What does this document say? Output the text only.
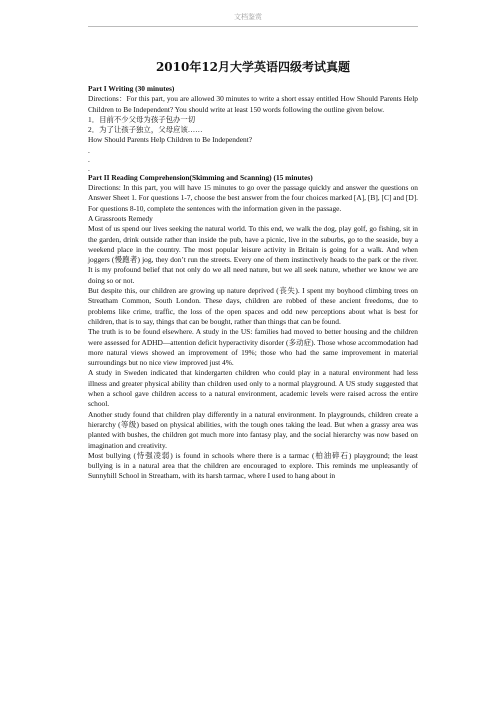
文档鉴赏
2010年12月大学英语四级考试真题

Part I Writing (30 minutes)

Directions：For this part, you are allowed 30 minutes to write a short essay entitled How Should Parents Help Children to Be Independent? You should write at least 150 words following the outline given below.

1．目前不少父母为孩子包办一切

2．为了让孩子独立，父母应该……

How Should Parents Help Children to Be Independent?

.

.

.

Part II Reading Comprehension(Skimming and Scanning) (15 minutes)

Directions: In this part, you will have 15 minutes to go over the passage quickly and answer the questions on Answer Sheet 1. For questions 1-7, choose the best answer from the four choices marked [A], [B], [C] and [D]. For questions 8-10, complete the sentences with the information given in the passage.

A Grassroots Remedy

Most of us spend our lives seeking the natural world. To this end, we walk the dog, play golf, go fishing, sit in the garden, drink outside rather than inside the pub, have a picnic, live in the suburbs, go to the seaside, buy a weekend place in the country. The most popular leisure activity in Britain is going for a walk. And when joggers (慢跑者) jog, they don’t run the streets. Every one of them instinctively heads to the park or the river. It is my profound belief that not only do we all need nature, but we all seek nature, whether we know we are doing so or not.

But despite this, our children are growing up nature deprived (丧失). I spent my boyhood climbing trees on Streatham Common, South London. These days, children are robbed of these ancient freedoms, due to problems like crime, traffic, the loss of the open spaces and odd new perceptions about what is best for children, that is to say, things that can be bought, rather than things that can be found.

The truth is to be found elsewhere. A study in the US: families had moved to better housing and the children were assessed for ADHD—attention deficit hyperactivity disorder (多动症). Those whose accommodation had more natural views showed an improvement of 19%; those who had the same improvement in material surroundings but no nice view improved just 4%.

A study in Sweden indicated that kindergarten children who could play in a natural environment had less illness and greater physical ability than children used only to a normal playground. A US study suggested that when a school gave children access to a natural environment, academic levels were raised across the entire school.

Another study found that children play differently in a natural environment. In playgrounds, children create a hierarchy (等级) based on physical abilities, with the tough ones taking the lead. But when a grassy area was planted with bushes, the children got much more into fantasy play, and the social hierarchy was now based on imagination and creativity.

Most bullying (恃强凌弱) is found in schools where there is a tarmac (柏油碎石) playground; the least bullying is in a natural area that the children are encouraged to explore. This reminds me unpleasantly of Sunnyhill School in Streatham, with its harsh tarmac, where I used to hang about in
